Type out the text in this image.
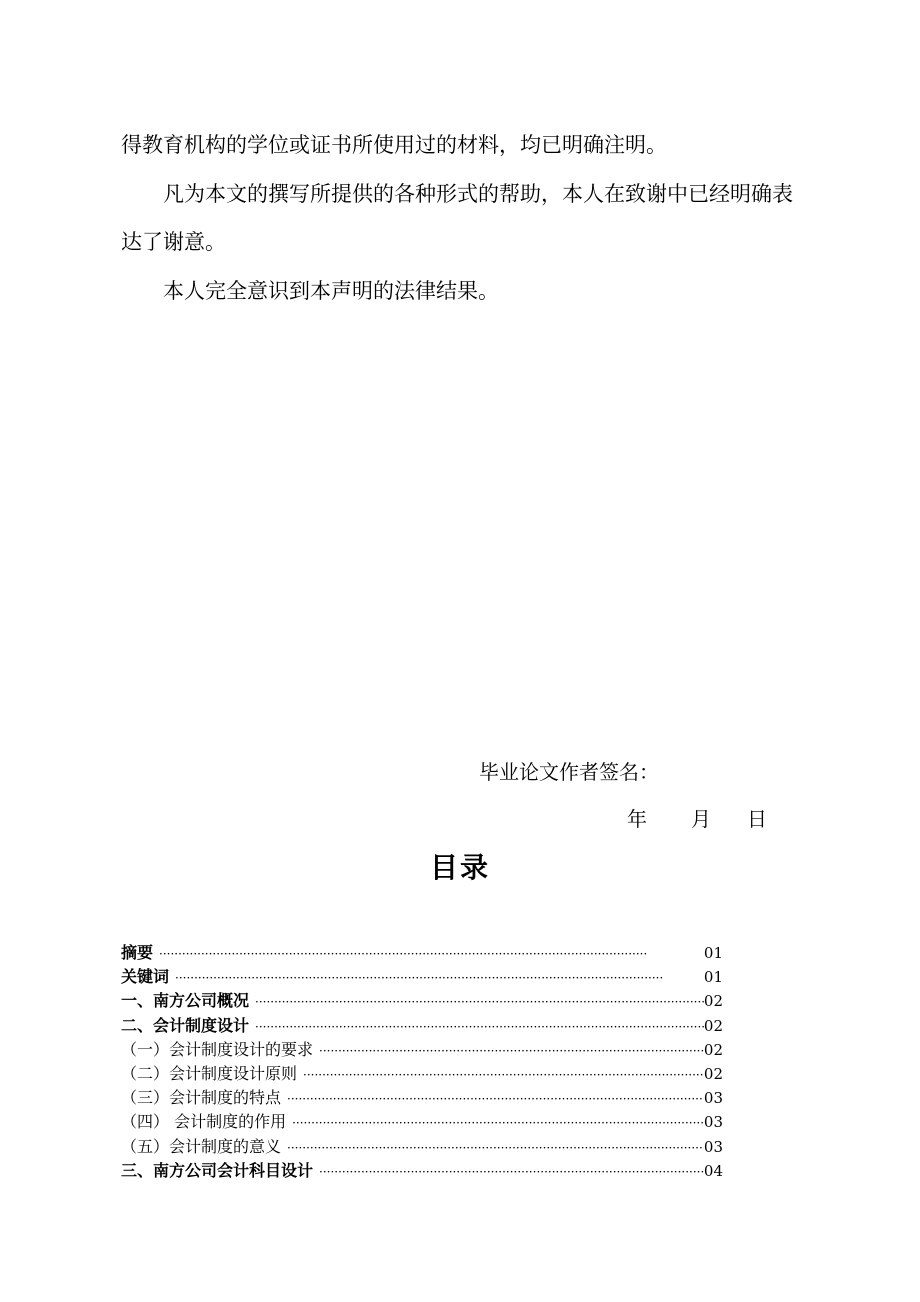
得教育机构的学位或证书所使用过的材料，均已明确注明。

凡为本文的撰写所提供的各种形式的帮助，本人在致谢中已经明确表

达了谢意。

本人完全意识到本声明的法律结果。

毕业论文作者签名：
年 月 日
目录
摘要 ·····	01
关键词 ·····	01
一、南方公司概况 ·····	02
二、会计制度设计 ·····	02
（一）会计制度设计的要求 ·····	02
（二）会计制度设计原则 ·····	02
（三）会计制度的特点 ·····	03
（四） 会计制度的作用 ·····	03
（五）会计制度的意义 ·····	03
三、南方公司会计科目设计 ·····	04
